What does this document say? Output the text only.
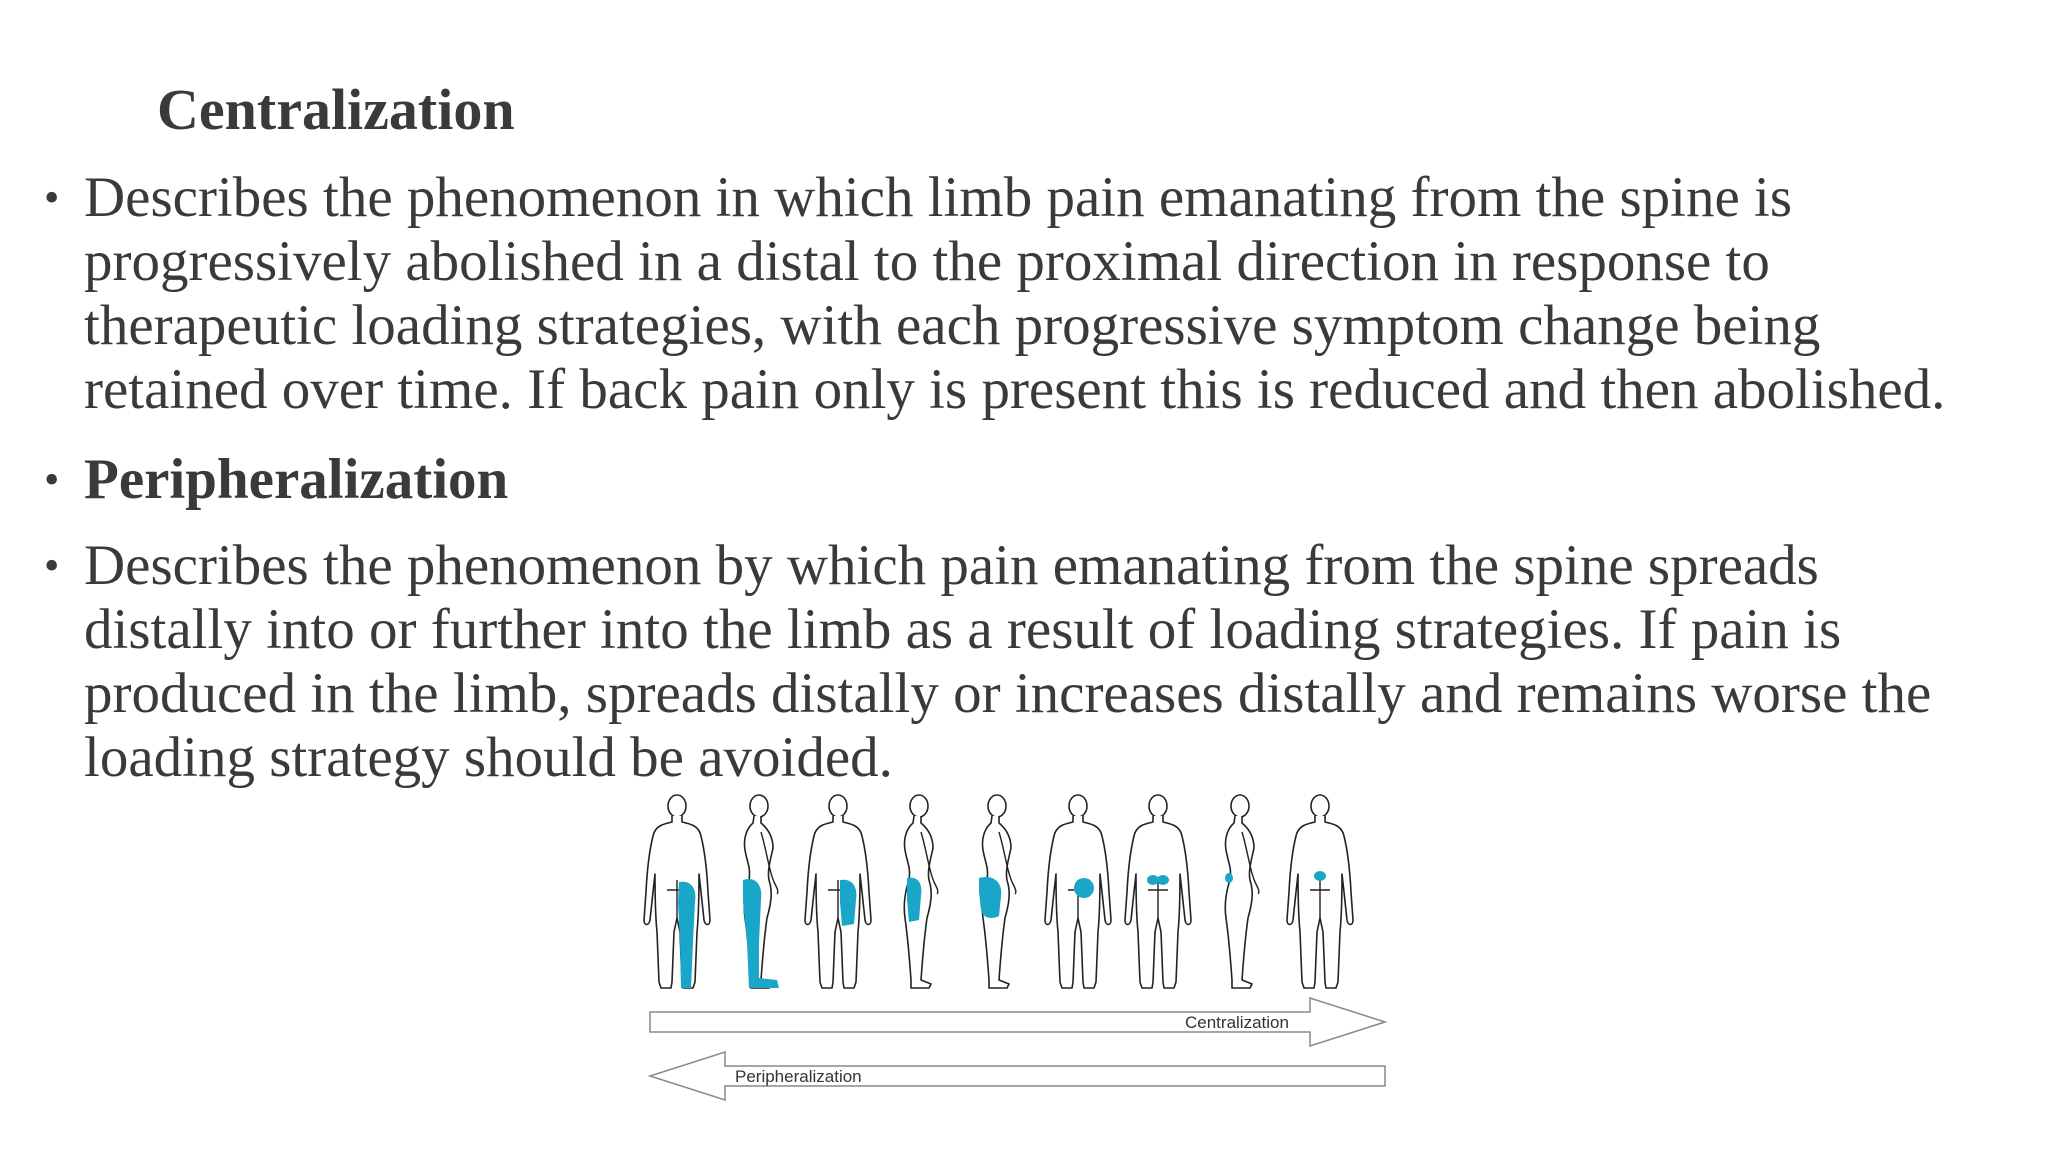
Centralization
• Describes the phenomenon in which limb pain emanating from the spine is
progressively abolished in a distal to the proximal direction in response to
therapeutic loading strategies, with each progressive symptom change being
retained over time. If back pain only is present this is reduced and then abolished.
• Peripheralization
• Describes the phenomenon by which pain emanating from the spine spreads
distally into or further into the limb as a result of loading strategies. If pain is
produced in the limb, spreads distally or increases distally and remains worse the
loading strategy should be avoided.
Centralization
Peripheralization
